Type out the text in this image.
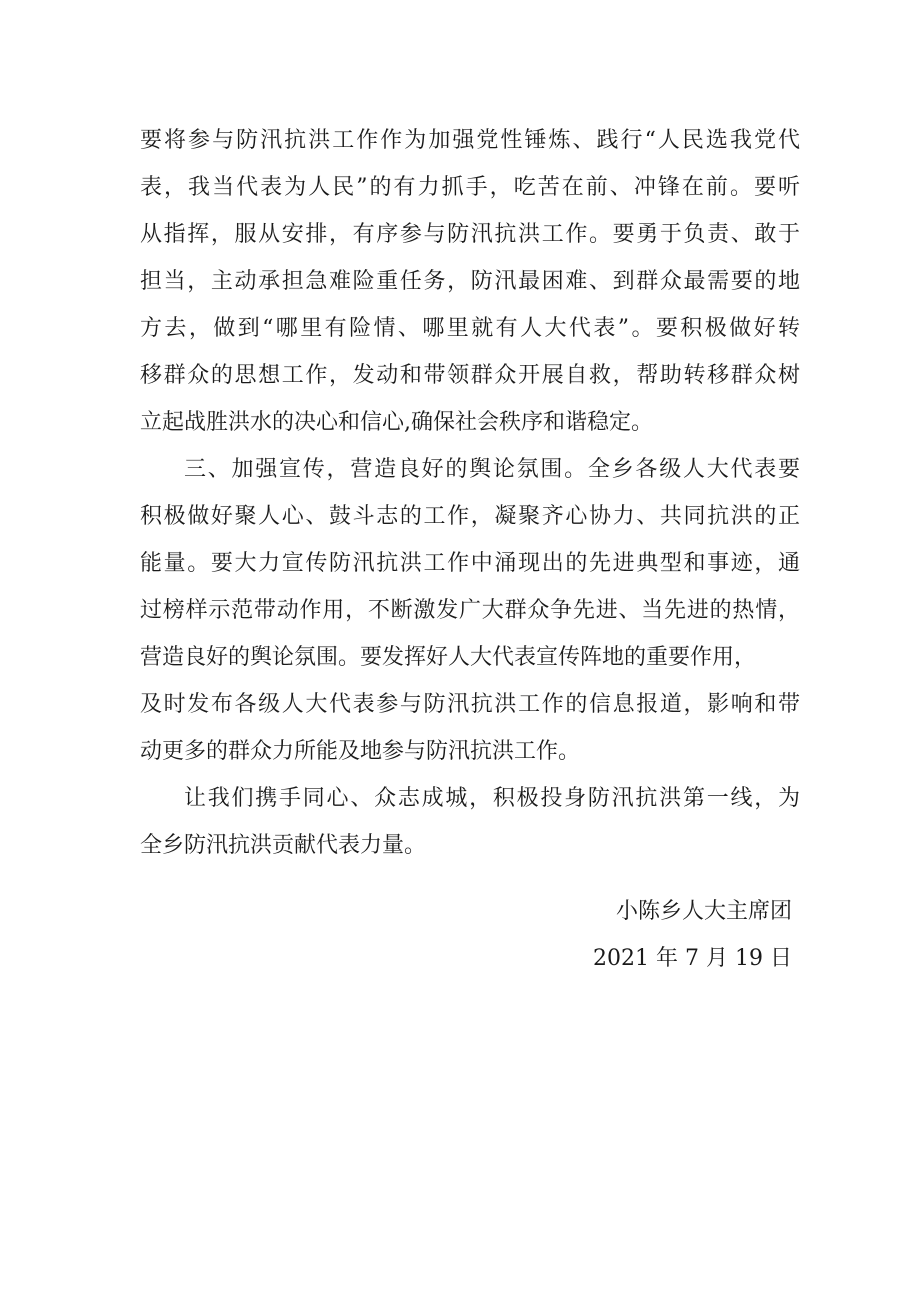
要将参与防汛抗洪工作作为加强党性锤炼、践行“人民选我党代
表，我当代表为人民”的有力抓手，吃苦在前、冲锋在前。要听
从指挥，服从安排，有序参与防汛抗洪工作。要勇于负责、敢于
担当，主动承担急难险重任务，防汛最困难、到群众最需要的地
方去，做到“哪里有险情、哪里就有人大代表”。要积极做好转
移群众的思想工作，发动和带领群众开展自救，帮助转移群众树
立起战胜洪水的决心和信心,确保社会秩序和谐稳定。
三、加强宣传，营造良好的舆论氛围。全乡各级人大代表要
积极做好聚人心、鼓斗志的工作，凝聚齐心协力、共同抗洪的正
能量。要大力宣传防汛抗洪工作中涌现出的先进典型和事迹，通
过榜样示范带动作用，不断激发广大群众争先进、当先进的热情，
营造良好的舆论氛围。要发挥好人大代表宣传阵地的重要作用，
及时发布各级人大代表参与防汛抗洪工作的信息报道，影响和带
动更多的群众力所能及地参与防汛抗洪工作。
让我们携手同心、众志成城，积极投身防汛抗洪第一线，为
全乡防汛抗洪贡献代表力量。
小陈乡人大主席团
2021 年 7 月 19 日
